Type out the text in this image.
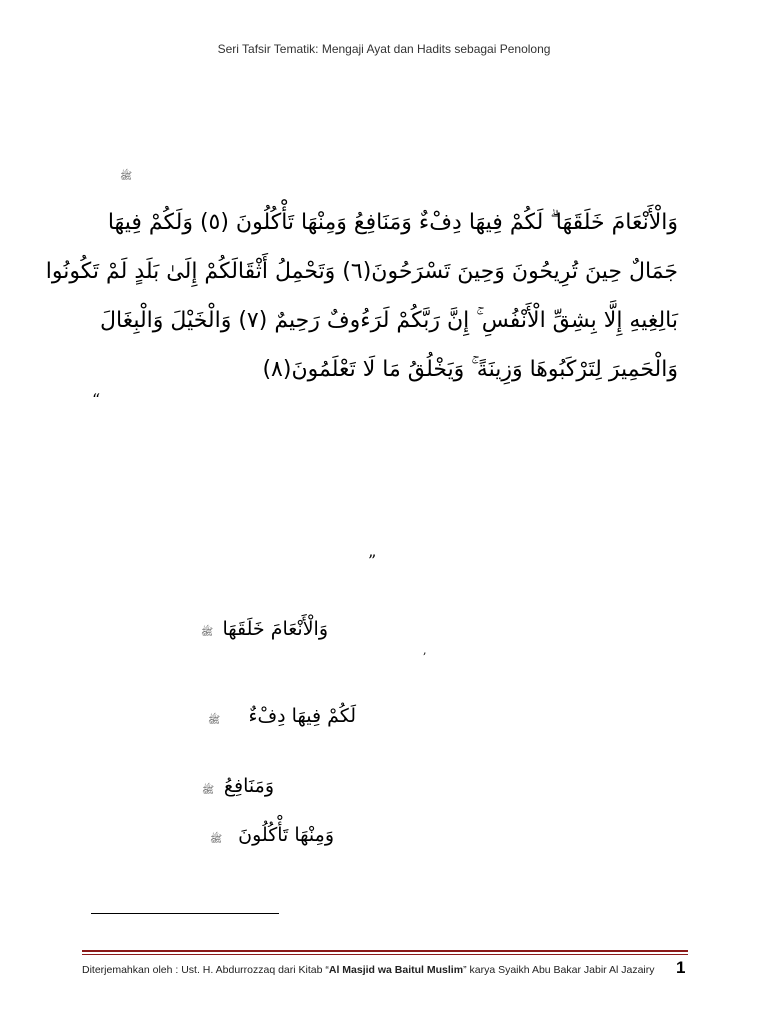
Seri Tafsir Tematik: Mengaji Ayat dan Hadits sebagai Penolong
ﷺ
وَالْأَنْعَامَ خَلَقَهَا ۗ لَكُمْ فِيهَا دِفْءٌ وَمَنَافِعُ وَمِنْهَا تَأْكُلُونَ (٥) وَلَكُمْ فِيهَا
جَمَالٌ حِينَ تُرِيحُونَ وَحِينَ تَسْرَحُونَ(٦) وَتَحْمِلُ أَثْقَالَكُمْ إِلَىٰ بَلَدٍ لَمْ تَكُونُوا
بَالِغِيهِ إِلَّا بِشِقِّ الْأَنْفُسِ ۚ إِنَّ رَبَّكُمْ لَرَءُوفٌ رَحِيمٌ (٧) وَالْخَيْلَ وَالْبِغَالَ
وَالْحَمِيرَ لِتَرْكَبُوهَا وَزِينَةً ۚ وَيَخْلُقُ مَا لَا تَعْلَمُونَ(٨)
“
”
ﷺ وَالْأَنْعَامَ خَلَقَهَا
,
ﷺ لَكُمْ فِيهَا دِفْءٌ
ﷺ وَمَنَافِعُ
ﷺ وَمِنْهَا تَأْكُلُونَ
Diterjemahkan oleh : Ust. H. Abdurrozzaq dari Kitab “Al Masjid wa Baitul Muslim” karya Syaikh Abu Bakar Jabir Al Jazairy	1
